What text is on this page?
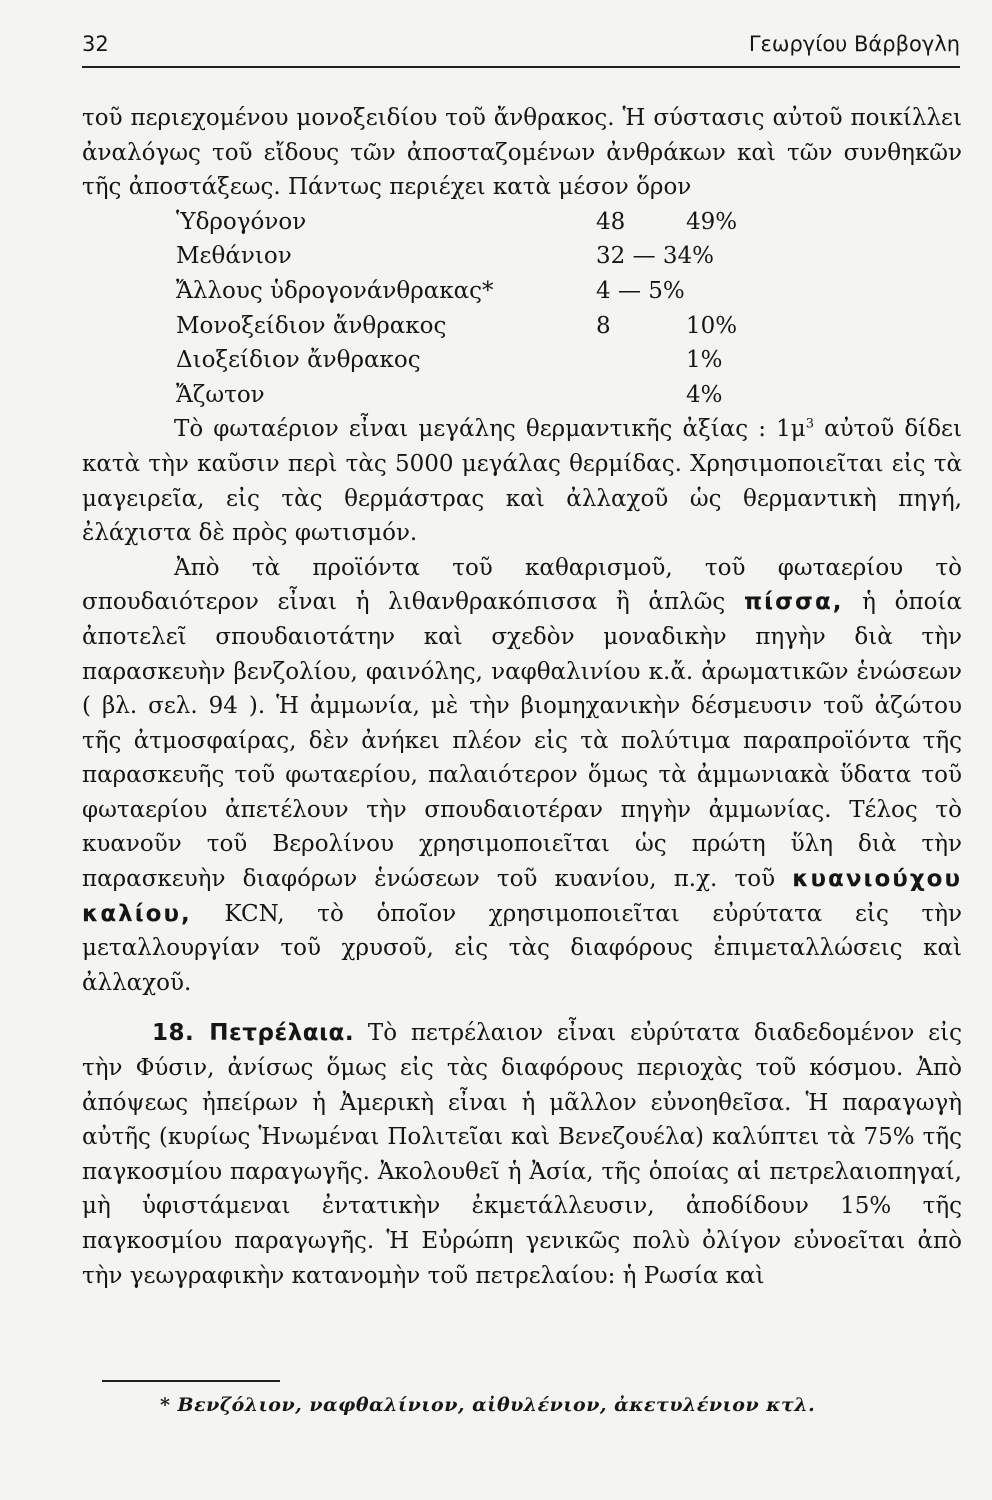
32	Γεωργίου Βάρβογλη

τοῦ περιεχομένου μονοξειδίου τοῦ ἄνθρακος. Ἡ σύστασις αὐτοῦ ποικίλλει ἀναλόγως τοῦ εἴδους τῶν ἀποσταζομένων ἀνθράκων καὶ τῶν συνθηκῶν τῆς ἀποστάξεως. Πάντως περιέχει κατὰ μέσον ὅρον

Ὑδρογόνον	48	49%
Μεθάνιον	32 — 34%
Ἄλλους ὑδρογονάνθρακας*	4 — 5%
Μονοξείδιον ἄνθρακος	8	10%
Διοξείδιον ἄνθρακος	1%
Ἄζωτον	4%

Τὸ φωταέριον εἶναι μεγάλης θερμαντικῆς ἀξίας : $1\mu^3$ αὐτοῦ δίδει κατὰ τὴν καῦσιν περὶ τὰς 5000 μεγάλας θερμίδας. Χρησιμοποιεῖται εἰς τὰ μαγειρεῖα, εἰς τὰς θερμάστρας καὶ ἀλλαχοῦ ὡς θερμαντικὴ πηγή, ἐλάχιστα δὲ πρὸς φωτισμόν.

Ἀπὸ τὰ προϊόντα τοῦ καθαρισμοῦ, τοῦ φωταερίου τὸ σπουδαιότερον εἶναι ἡ λιθανθρακόπισσα ἢ ἁπλῶς πίσσα, ἡ ὁποία ἀποτελεῖ σπουδαιοτάτην καὶ σχεδὸν μοναδικὴν πηγὴν διὰ τὴν παρασκευὴν βενζολίου, φαινόλης, ναφθαλινίου κ.ἄ. ἀρωματικῶν ἑνώσεων ( βλ. σελ. 94 ). Ἡ ἀμμωνία, μὲ τὴν βιομηχανικὴν δέσμευσιν τοῦ ἀζώτου τῆς ἀτμοσφαίρας, δὲν ἀνήκει πλέον εἰς τὰ πολύτιμα παραπροϊόντα τῆς παρασκευῆς τοῦ φωταερίου, παλαιότερον ὅμως τὰ ἀμμωνιακὰ ὕδατα τοῦ φωταερίου ἀπετέλουν τὴν σπουδαιοτέραν πηγὴν ἀμμωνίας. Τέλος τὸ κυανοῦν τοῦ Βερολίνου χρησιμοποιεῖται ὡς πρώτη ὕλη διὰ τὴν παρασκευὴν διαφόρων ἑνώσεων τοῦ κυανίου, π.χ. τοῦ κυανιούχου καλίου, KCN, τὸ ὁποῖον χρησιμοποιεῖται εὐρύτατα εἰς τὴν μεταλλουργίαν τοῦ χρυσοῦ, εἰς τὰς διαφόρους ἐπιμεταλλώσεις καὶ ἀλλαχοῦ.

18. Πετρέλαια. Τὸ πετρέλαιον εἶναι εὐρύτατα διαδεδομένον εἰς τὴν Φύσιν, ἀνίσως ὅμως εἰς τὰς διαφόρους περιοχὰς τοῦ κόσμου. Ἀπὸ ἀπόψεως ἠπείρων ἡ Ἀμερικὴ εἶναι ἡ μᾶλλον εὐνοηθεῖσα. Ἡ παραγωγὴ αὐτῆς (κυρίως Ἡνωμέναι Πολιτεῖαι καὶ Βενεζουέλα) καλύπτει τὰ 75% τῆς παγκοσμίου παραγωγῆς. Ἀκολουθεῖ ἡ Ἀσία, τῆς ὁποίας αἱ πετρελαιοπηγαί, μὴ ὑφιστάμεναι ἐντατικὴν ἐκμετάλλευσιν, ἀποδίδουν 15% τῆς παγκοσμίου παραγωγῆς. Ἡ Εὐρώπη γενικῶς πολὺ ὀλίγον εὐνοεῖται ἀπὸ τὴν γεωγραφικὴν κατανομὴν τοῦ πετρελαίου: ἡ Ρωσία καὶ

* Βενζόλιον, ναφθαλίνιον, αἰθυλένιον, ἀκετυλένιον κτλ.
